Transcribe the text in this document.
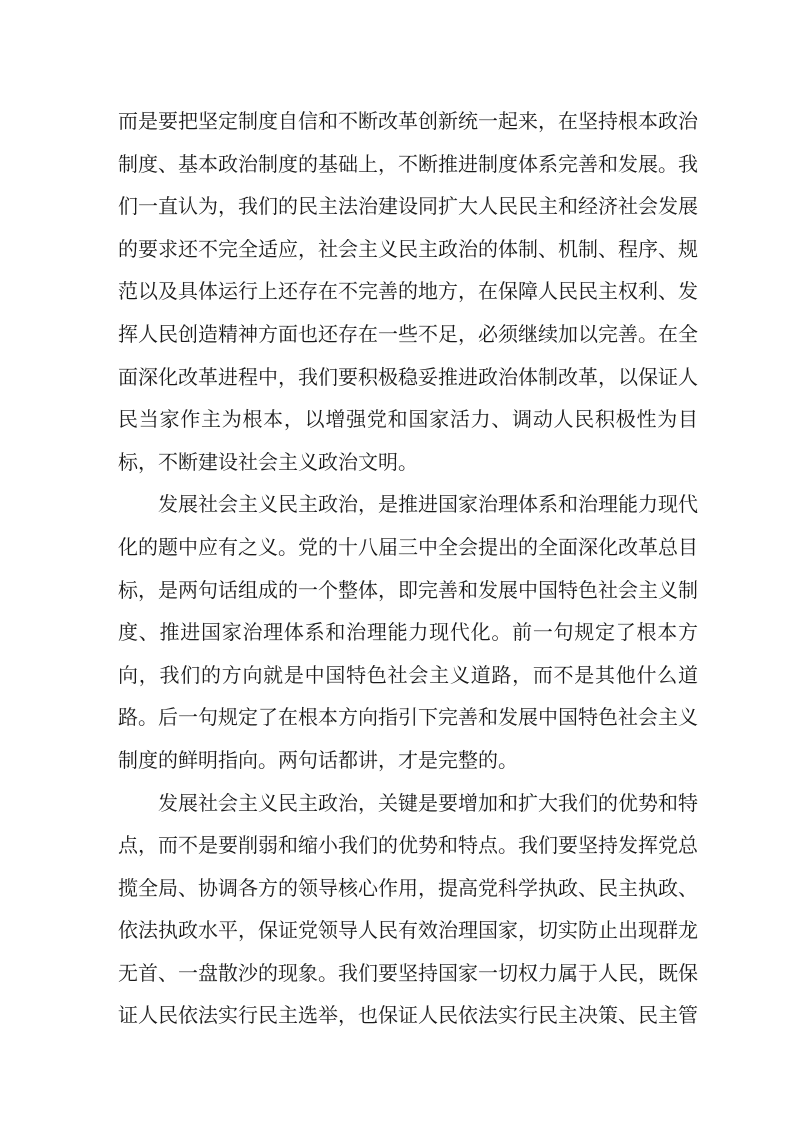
而是要把坚定制度自信和不断改革创新统一起来，在坚持根本政治制度、基本政治制度的基础上，不断推进制度体系完善和发展。我们一直认为，我们的民主法治建设同扩大人民民主和经济社会发展的要求还不完全适应，社会主义民主政治的体制、机制、程序、规范以及具体运行上还存在不完善的地方，在保障人民民主权利、发挥人民创造精神方面也还存在一些不足，必须继续加以完善。在全面深化改革进程中，我们要积极稳妥推进政治体制改革，以保证人民当家作主为根本，以增强党和国家活力、调动人民积极性为目标，不断建设社会主义政治文明。

发展社会主义民主政治，是推进国家治理体系和治理能力现代化的题中应有之义。党的十八届三中全会提出的全面深化改革总目标，是两句话组成的一个整体，即完善和发展中国特色社会主义制度、推进国家治理体系和治理能力现代化。前一句规定了根本方向，我们的方向就是中国特色社会主义道路，而不是其他什么道路。后一句规定了在根本方向指引下完善和发展中国特色社会主义制度的鲜明指向。两句话都讲，才是完整的。

发展社会主义民主政治，关键是要增加和扩大我们的优势和特点，而不是要削弱和缩小我们的优势和特点。我们要坚持发挥党总揽全局、协调各方的领导核心作用，提高党科学执政、民主执政、依法执政水平，保证党领导人民有效治理国家，切实防止出现群龙无首、一盘散沙的现象。我们要坚持国家一切权力属于人民，既保证人民依法实行民主选举，也保证人民依法实行民主决策、民主管
